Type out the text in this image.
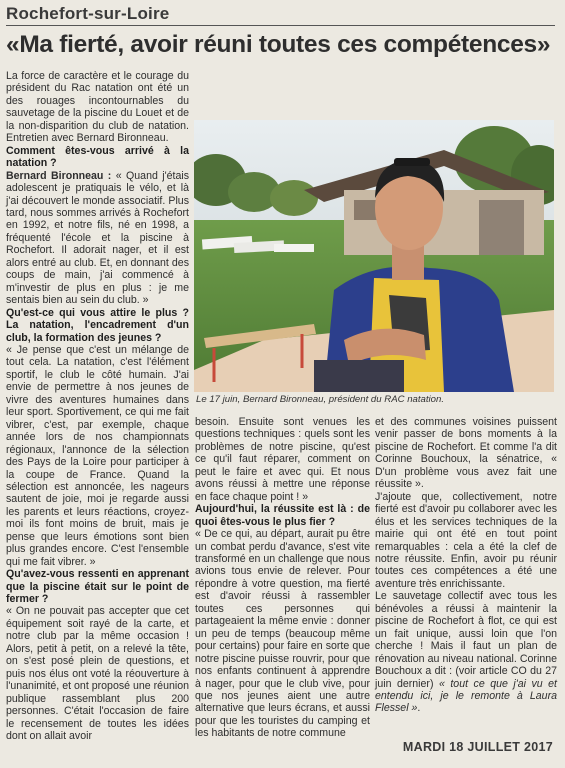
Rochefort-sur-Loire
«Ma fierté, avoir réuni toutes ces compétences»

La force de caractère et le courage du président du Rac natation ont été un des rouages incontournables du sauvetage de la piscine du Louet et de la non-disparition du club de natation. Entretien avec Bernard Bironneau.

Comment êtes-vous arrivé à la natation ?

Bernard Bironneau : « Quand j'étais adolescent je pratiquais le vélo, et là j'ai découvert le monde associatif. Plus tard, nous sommes arrivés à Rochefort en 1992, et notre fils, né en 1998, a fréquenté l'école et la piscine à Rochefort. Il adorait nager, et il est alors entré au club. Et, en donnant des coups de main, j'ai commencé à m'investir de plus en plus : je me sentais bien au sein du club. »

Qu'est-ce qui vous attire le plus ? La natation, l'encadrement d'un club, la formation des jeunes ?

« Je pense que c'est un mélange de tout cela. La natation, c'est l'élément sportif, le club le côté humain. J'ai envie de permettre à nos jeunes de vivre des aventures humaines dans leur sport. Sportivement, ce qui me fait vibrer, c'est, par exemple, chaque année lors de nos championnats régionaux, l'annonce de la sélection des Pays de la Loire pour participer à la coupe de France. Quand la sélection est annoncée, les nageurs sautent de joie, moi je regarde aussi les parents et leurs réactions, croyez-moi ils font moins de bruit, mais je pense que leurs émotions sont bien plus grandes encore. C'est l'ensemble qui me fait vibrer. »

Qu'avez-vous ressenti en apprenant que la piscine était sur le point de fermer ?

« On ne pouvait pas accepter que cet équipement soit rayé de la carte, et notre club par la même occasion ! Alors, petit à petit, on a relevé la tête, on s'est posé plein de questions, et puis nos élus ont voté la réouverture à l'unanimité, et ont proposé une réunion publique rassemblant plus 200 personnes. C'était l'occasion de faire le recensement de toutes les idées dont on allait avoir

Le 17 juin, Bernard Bironneau, président du RAC natation.

besoin. Ensuite sont venues les questions techniques : quels sont les problèmes de notre piscine, qu'est ce qu'il faut réparer, comment on peut le faire et avec qui. Et nous avons réussi à mettre une réponse en face chaque point ! »

Aujourd'hui, la réussite est là : de quoi êtes-vous le plus fier ?

« De ce qui, au départ, aurait pu être un combat perdu d'avance, s'est vite transformé en un challenge que nous avions tous envie de relever. Pour répondre à votre question, ma fierté est d'avoir réussi à rassembler toutes ces personnes qui partageaient la même envie : donner un peu de temps (beaucoup même pour certains) pour faire en sorte que notre piscine puisse rouvrir, pour que nos enfants continuent à apprendre à nager, pour que le club vive, pour que nos jeunes aient une autre alternative que leurs écrans, et aussi pour que les touristes du camping et les habitants de notre commune

et des communes voisines puissent venir passer de bons moments à la piscine de Rochefort. Et comme l'a dit Corinne Bouchoux, la sénatrice, « D'un problème vous avez fait une réussite ».

J'ajoute que, collectivement, notre fierté est d'avoir pu collaborer avec les élus et les services techniques de la mairie qui ont été en tout point remarquables : cela a été la clef de notre réussite. Enfin, avoir pu réunir toutes ces compétences a été une aventure très enrichissante.

Le sauvetage collectif avec tous les bénévoles a réussi à maintenir la piscine de Rochefort à flot, ce qui est un fait unique, aussi loin que l'on cherche ! Mais il faut un plan de rénovation au niveau national. Corinne Bouchoux a dit : (voir article CO du 27 juin dernier) « tout ce que j'ai vu et entendu ici, je le remonte à Laura Flessel ».

MARDI 18 JUILLET 2017
